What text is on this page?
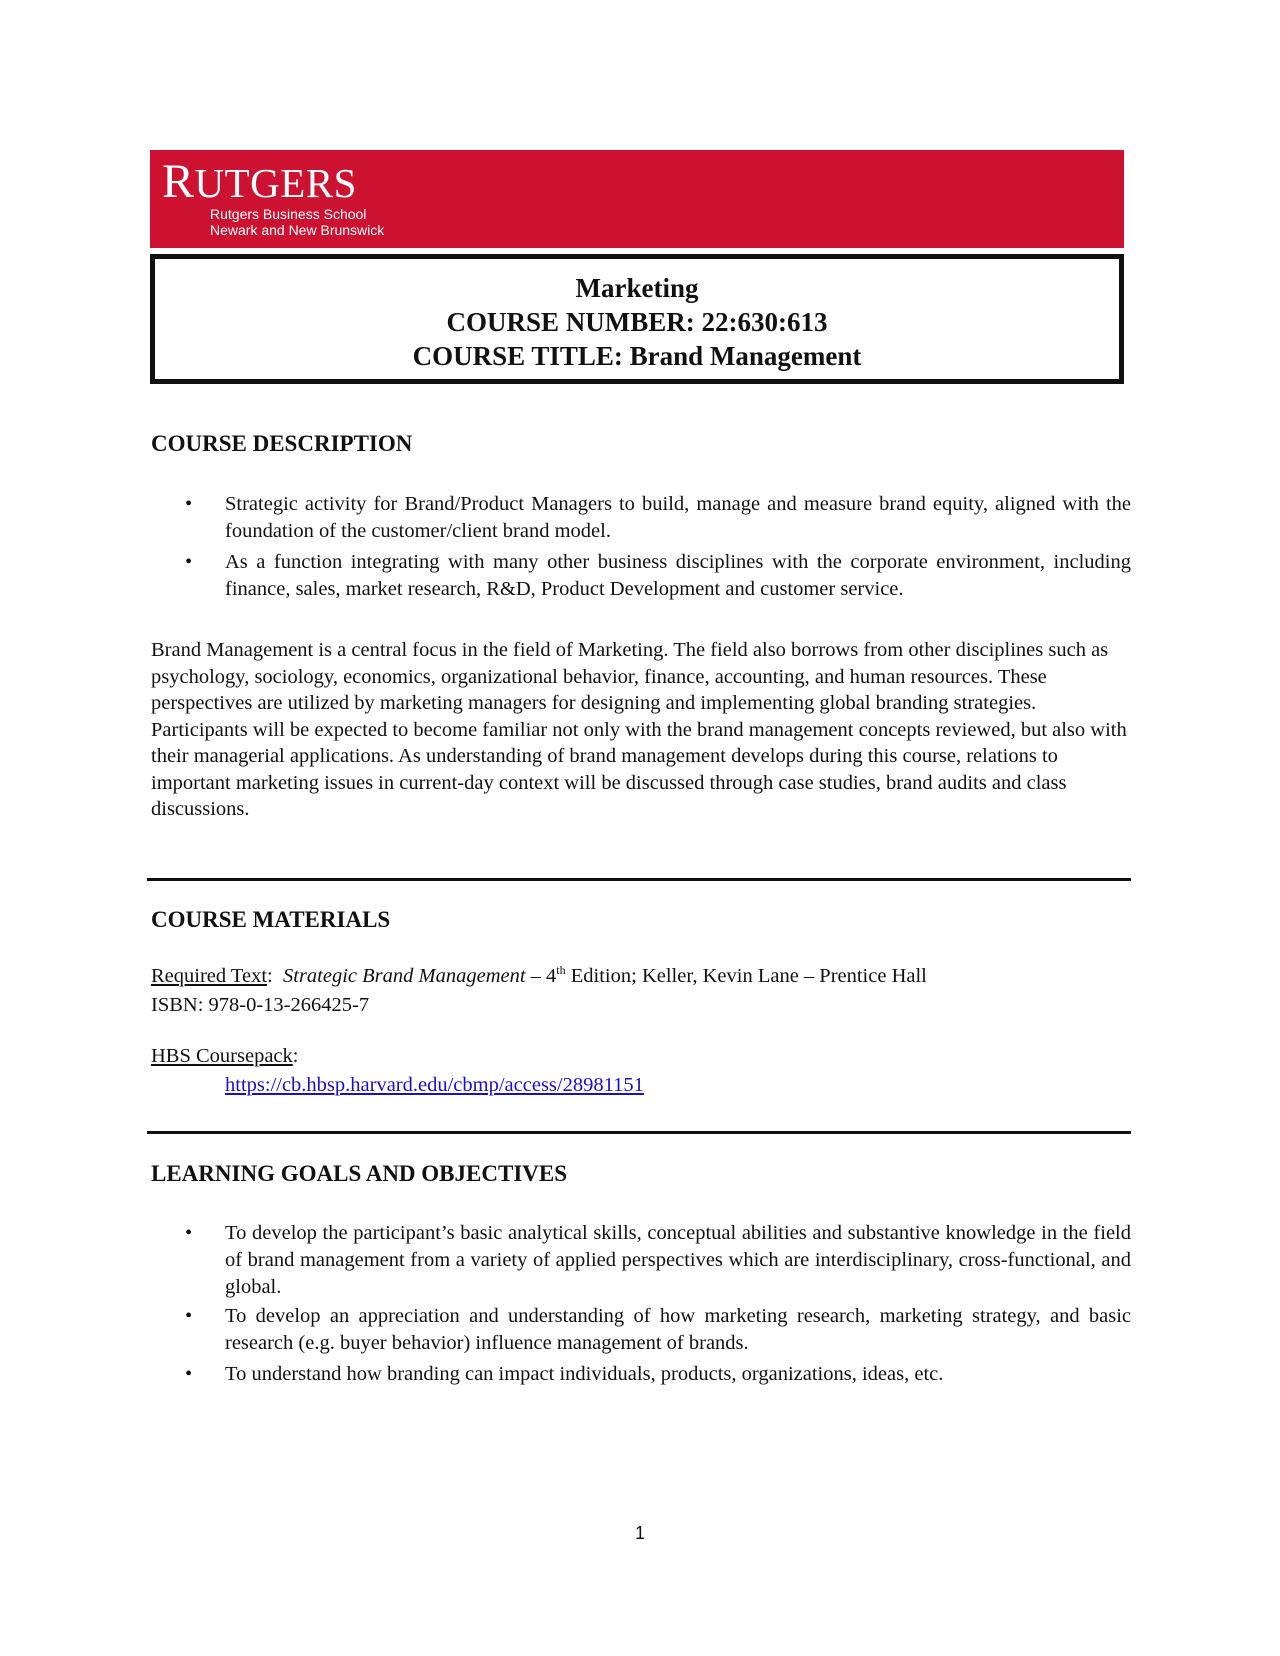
RUTGERS
Rutgers Business School
Newark and New Brunswick
Marketing
COURSE NUMBER: 22:630:613
COURSE TITLE: Brand Management
COURSE DESCRIPTION
• Strategic activity for Brand/Product Managers to build, manage and measure brand equity, aligned with the foundation of the customer/client brand model.
• As a function integrating with many other business disciplines with the corporate environment, including finance, sales, market research, R&D, Product Development and customer service.
Brand Management is a central focus in the field of Marketing. The field also borrows from other disciplines such as psychology, sociology, economics, organizational behavior, finance, accounting, and human resources. These perspectives are utilized by marketing managers for designing and implementing global branding strategies. Participants will be expected to become familiar not only with the brand management concepts reviewed, but also with their managerial applications. As understanding of brand management develops during this course, relations to important marketing issues in current-day context will be discussed through case studies, brand audits and class discussions.
COURSE MATERIALS
Required Text:  Strategic Brand Management – 4th Edition; Keller, Kevin Lane – Prentice Hall
ISBN: 978-0-13-266425-7
HBS Coursepack:
https://cb.hbsp.harvard.edu/cbmp/access/28981151
LEARNING GOALS AND OBJECTIVES
• To develop the participant’s basic analytical skills, conceptual abilities and substantive knowledge in the field of brand management from a variety of applied perspectives which are interdisciplinary, cross-functional, and global.
• To develop an appreciation and understanding of how marketing research, marketing strategy, and basic research (e.g. buyer behavior) influence management of brands.
• To understand how branding can impact individuals, products, organizations, ideas, etc.
1
